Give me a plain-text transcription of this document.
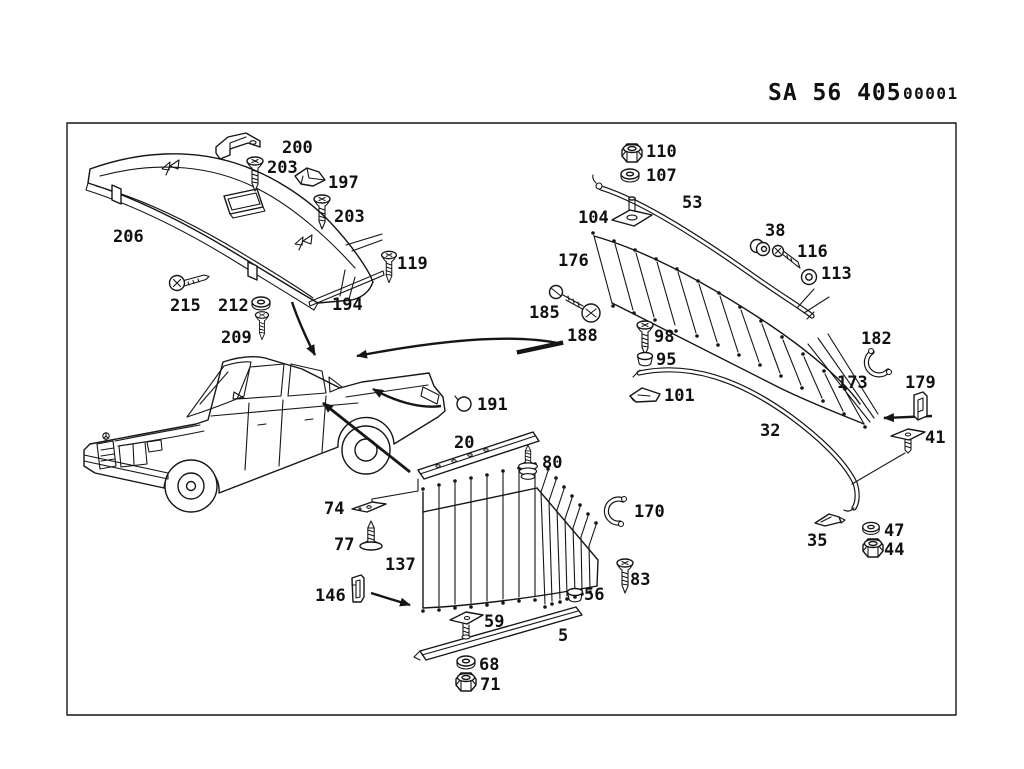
SA 56 405 00001
206
200
203
197
203
119
215 212
209
194
191
110
107
53
104
176
185
188	98
95
101
38
116
113
32
173
182
179
41
35	47
44
20
80
74
77
137
146
170
83
56
59
5
68
71
